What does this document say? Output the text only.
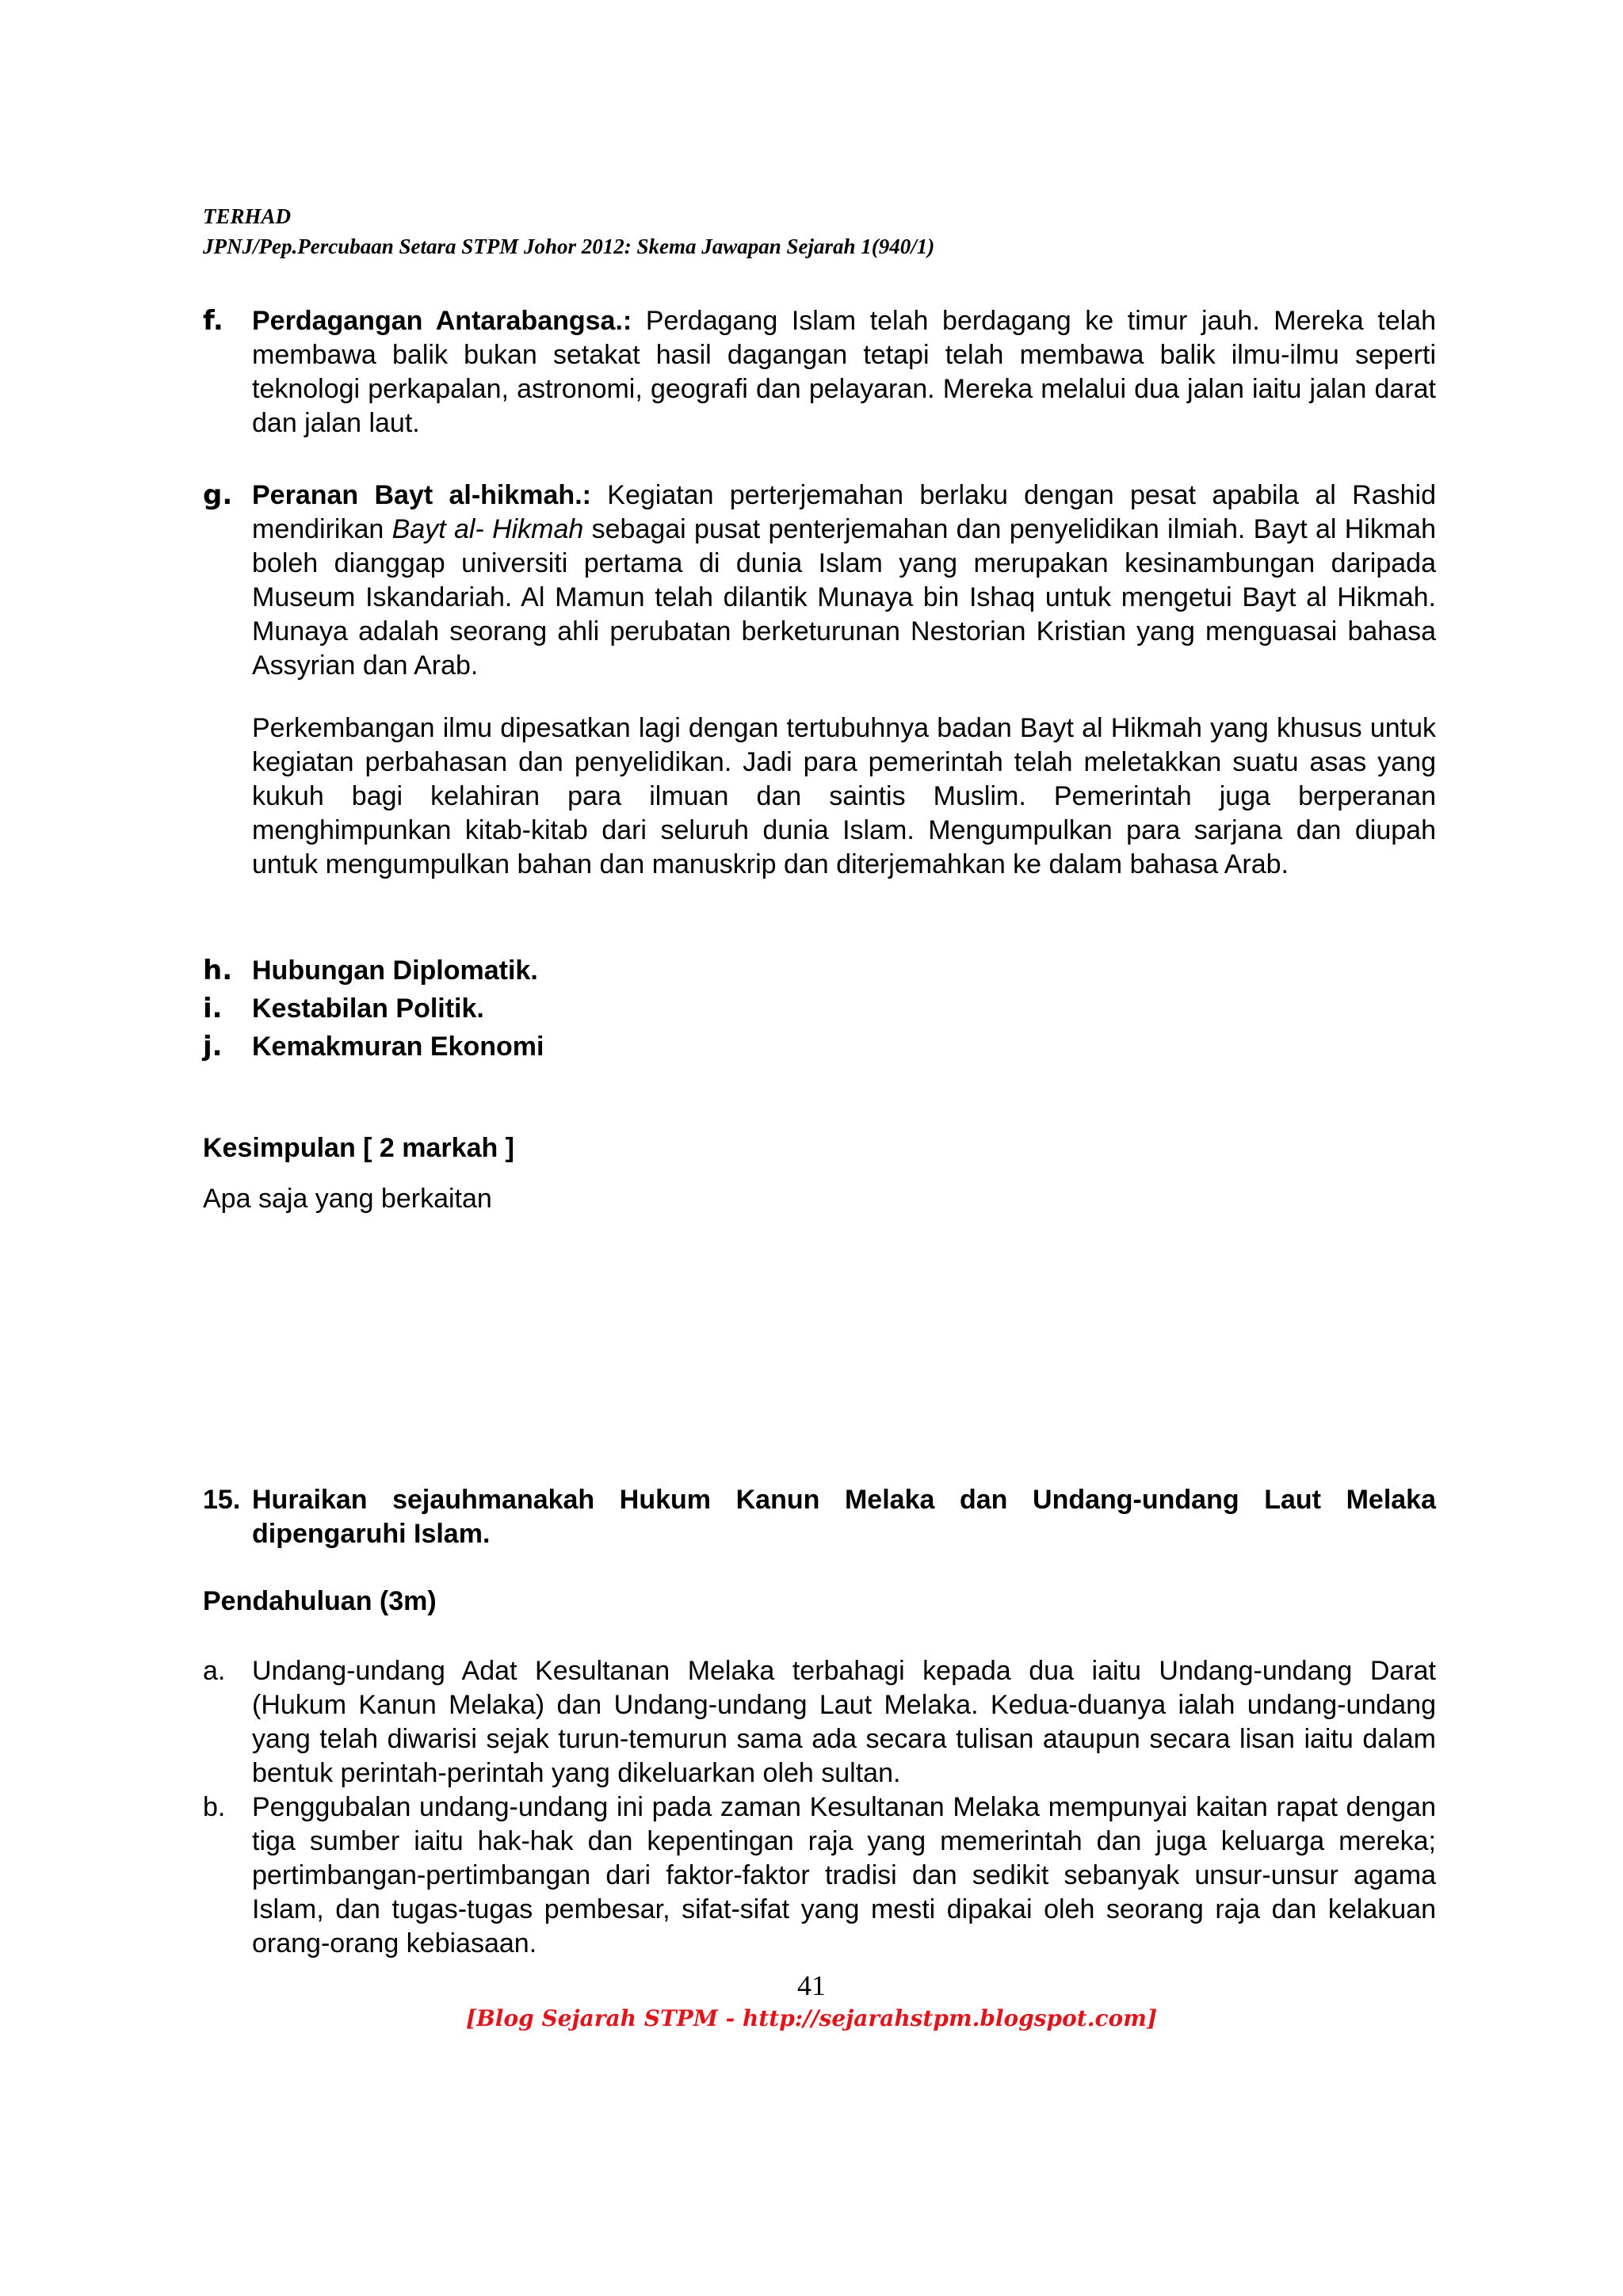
TERHAD
JPNJ/Pep.Percubaan Setara STPM Johor 2012: Skema Jawapan Sejarah 1(940/1)
f. Perdagangan Antarabangsa.: Perdagang Islam telah berdagang ke timur jauh. Mereka telah membawa balik bukan setakat hasil dagangan tetapi telah membawa balik ilmu-ilmu seperti teknologi perkapalan, astronomi, geografi dan pelayaran. Mereka melalui dua jalan iaitu jalan darat dan jalan laut.
g. Peranan Bayt al-hikmah.: Kegiatan perterjemahan berlaku dengan pesat apabila al Rashid mendirikan Bayt al- Hikmah sebagai pusat penterjemahan dan penyelidikan ilmiah. Bayt al Hikmah boleh dianggap universiti pertama di dunia Islam yang merupakan kesinambungan daripada Museum Iskandariah. Al Mamun telah dilantik Munaya bin Ishaq untuk mengetui Bayt al Hikmah. Munaya adalah seorang ahli perubatan berketurunan Nestorian Kristian yang menguasai bahasa Assyrian dan Arab.
Perkembangan ilmu dipesatkan lagi dengan tertubuhnya badan Bayt al Hikmah yang khusus untuk kegiatan perbahasan dan penyelidikan. Jadi para pemerintah telah meletakkan suatu asas yang kukuh bagi kelahiran para ilmuan dan saintis Muslim. Pemerintah juga berperanan menghimpunkan kitab-kitab dari seluruh dunia Islam. Mengumpulkan para sarjana dan diupah untuk mengumpulkan bahan dan manuskrip dan diterjemahkan ke dalam bahasa Arab.
h. Hubungan Diplomatik.
i. Kestabilan Politik.
j. Kemakmuran Ekonomi
Kesimpulan [ 2 markah ]
Apa saja yang berkaitan
15. Huraikan sejauhmanakah Hukum Kanun Melaka dan Undang-undang Laut Melaka dipengaruhi Islam.
Pendahuluan (3m)
a. Undang-undang Adat Kesultanan Melaka terbahagi kepada dua iaitu Undang-undang Darat (Hukum Kanun Melaka) dan Undang-undang Laut Melaka. Kedua-duanya ialah undang-undang yang telah diwarisi sejak turun-temurun sama ada secara tulisan ataupun secara lisan iaitu dalam bentuk perintah-perintah yang dikeluarkan oleh sultan.
b. Penggubalan undang-undang ini pada zaman Kesultanan Melaka mempunyai kaitan rapat dengan tiga sumber iaitu hak-hak dan kepentingan raja yang memerintah dan juga keluarga mereka; pertimbangan-pertimbangan dari faktor-faktor tradisi dan sedikit sebanyak unsur-unsur agama Islam, dan tugas-tugas pembesar, sifat-sifat yang mesti dipakai oleh seorang raja dan kelakuan orang-orang kebiasaan.
41
[Blog Sejarah STPM - http://sejarahstpm.blogspot.com]
